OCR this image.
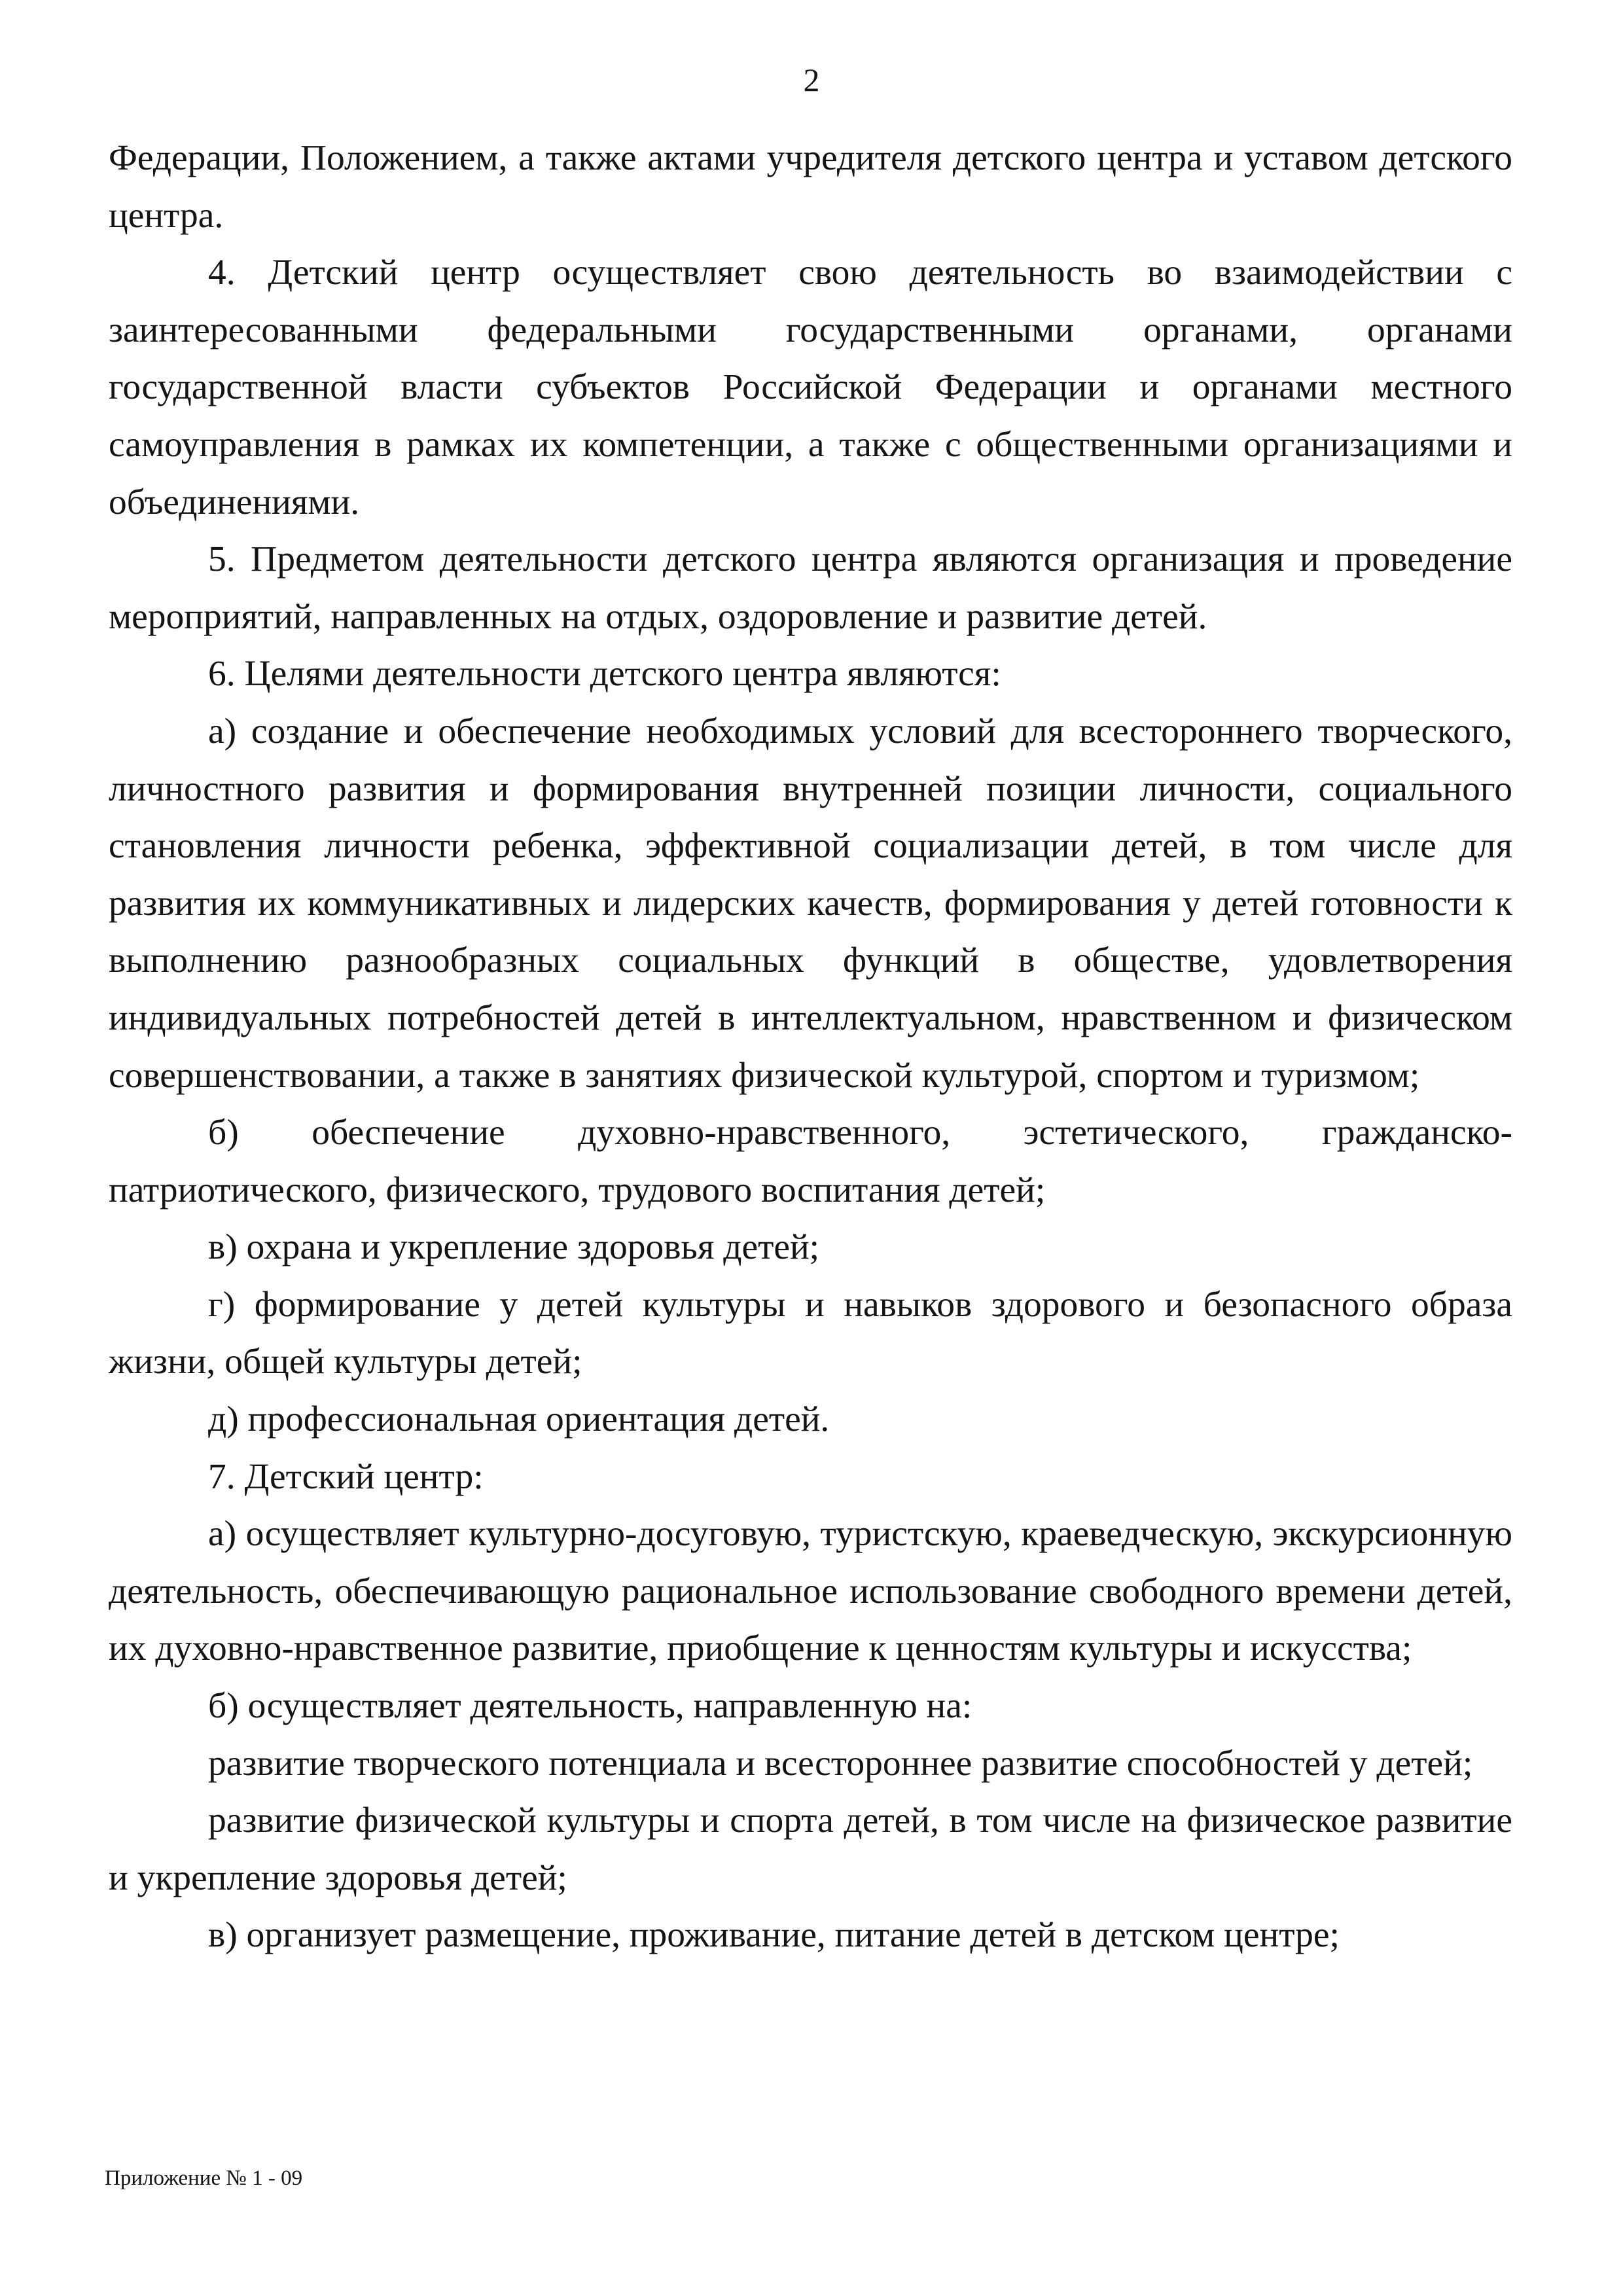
2

Федерации, Положением, а также актами учредителя детского центра и уставом детского центра.

4. Детский центр осуществляет свою деятельность во взаимодействии с заинтересованными федеральными государственными органами, органами государственной власти субъектов Российской Федерации и органами местного самоуправления в рамках их компетенции, а также с общественными организациями и объединениями.

5. Предметом деятельности детского центра являются организация и проведение мероприятий, направленных на отдых, оздоровление и развитие детей.

6. Целями деятельности детского центра являются:

а) создание и обеспечение необходимых условий для всестороннего творческого, личностного развития и формирования внутренней позиции личности, социального становления личности ребенка, эффективной социализации детей, в том числе для развития их коммуникативных и лидерских качеств, формирования у детей готовности к выполнению разнообразных социальных функций в обществе, удовлетворения индивидуальных потребностей детей в интеллектуальном, нравственном и физическом совершенствовании, а также в занятиях физической культурой, спортом и туризмом;

б) обеспечение духовно-нравственного, эстетического, гражданско-патриотического, физического, трудового воспитания детей;

в) охрана и укрепление здоровья детей;

г) формирование у детей культуры и навыков здорового и безопасного образа жизни, общей культуры детей;

д) профессиональная ориентация детей.

7. Детский центр:

а) осуществляет культурно-досуговую, туристскую, краеведческую, экскурсионную деятельность, обеспечивающую рациональное использование свободного времени детей, их духовно-нравственное развитие, приобщение к ценностям культуры и искусства;

б) осуществляет деятельность, направленную на:

развитие творческого потенциала и всестороннее развитие способностей у детей;

развитие физической культуры и спорта детей, в том числе на физическое развитие и укрепление здоровья детей;

в) организует размещение, проживание, питание детей в детском центре;

Приложение № 1 - 09
